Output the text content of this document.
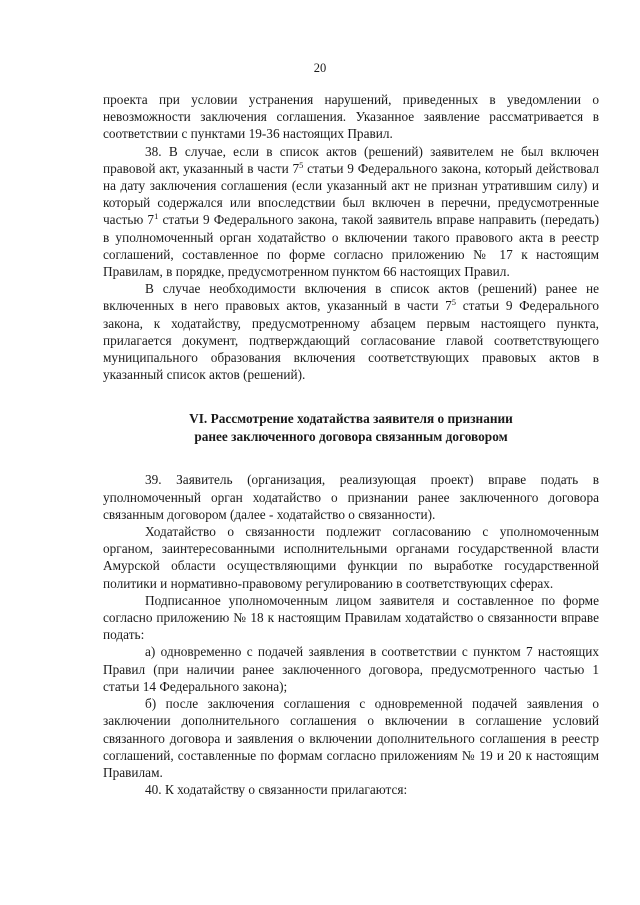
20

проекта при условии устранения нарушений, приведенных в уведомлении о невозможности заключения соглашения. Указанное заявление рассматривается в соответствии с пунктами 19-36 настоящих Правил.

38. В случае, если в список актов (решений) заявителем не был включен правовой акт, указанный в части $7^5$ статьи 9 Федерального закона, который действовал на дату заключения соглашения (если указанный акт не признан утратившим силу) и который содержался или впоследствии был включен в перечни, предусмотренные частью $7^1$ статьи 9 Федерального закона, такой заявитель вправе направить (передать) в уполномоченный орган ходатайство о включении такого правового акта в реестр соглашений, составленное по форме согласно приложению № 17 к настоящим Правилам, в порядке, предусмотренном пунктом 66 настоящих Правил.

В случае необходимости включения в список актов (решений) ранее не включенных в него правовых актов, указанный в части $7^5$ статьи 9 Федерального закона, к ходатайству, предусмотренному абзацем первым настоящего пункта, прилагается документ, подтверждающий согласование главой соответствующего муниципального образования включения соответствующих правовых актов в указанный список актов (решений).

VI. Рассмотрение ходатайства заявителя о признании
ранее заключенного договора связанным договором

39. Заявитель (организация, реализующая проект) вправе подать в уполномоченный орган ходатайство о признании ранее заключенного договора связанным договором (далее - ходатайство о связанности).

Ходатайство о связанности подлежит согласованию с уполномоченным органом, заинтересованными исполнительными органами государственной власти Амурской области осуществляющими функции по выработке государственной политики и нормативно-правовому регулированию в соответствующих сферах.

Подписанное уполномоченным лицом заявителя и составленное по форме согласно приложению № 18 к настоящим Правилам ходатайство о связанности вправе подать:

а) одновременно с подачей заявления в соответствии с пунктом 7 настоящих Правил (при наличии ранее заключенного договора, предусмотренного частью 1 статьи 14 Федерального закона);

б) после заключения соглашения с одновременной подачей заявления о заключении дополнительного соглашения о включении в соглашение условий связанного договора и заявления о включении дополнительного соглашения в реестр соглашений, составленные по формам согласно приложениям № 19 и 20 к настоящим Правилам.

40. К ходатайству о связанности прилагаются:
